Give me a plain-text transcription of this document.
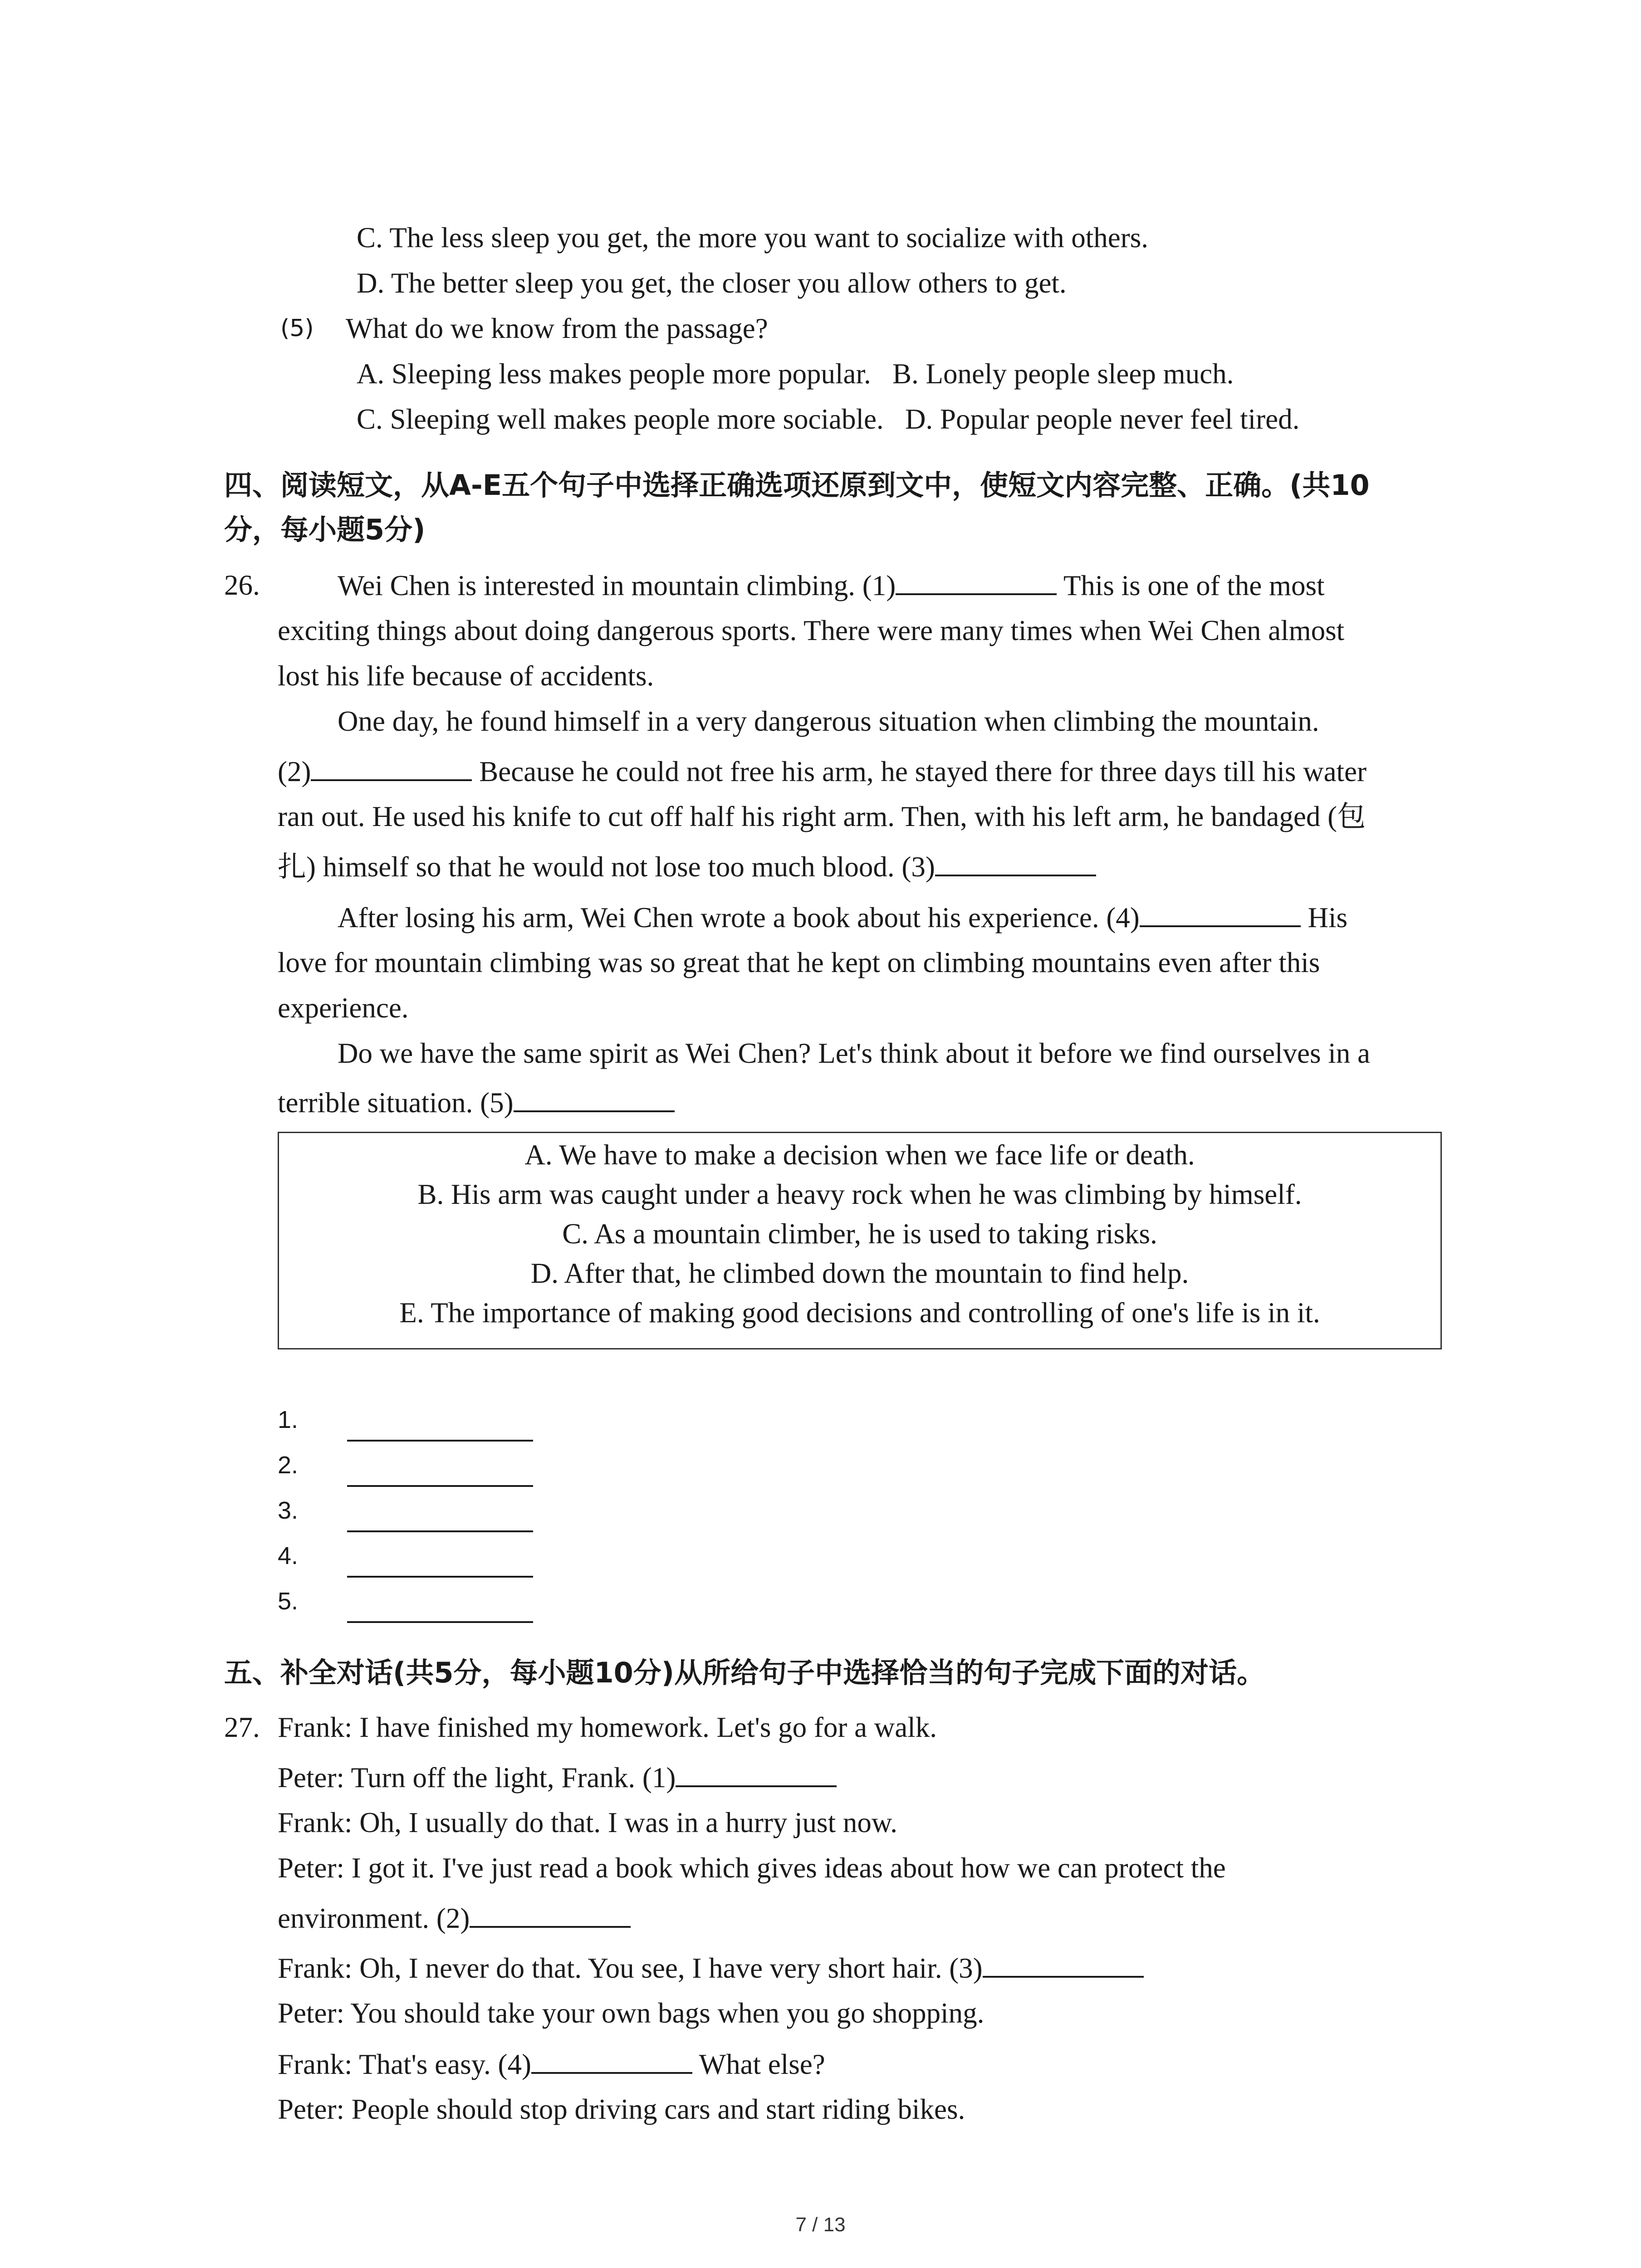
C. The less sleep you get, the more you want to socialize with others.
D. The better sleep you get, the closer you allow others to get.
(5) What do we know from the passage?
A. Sleeping less makes people more popular. B. Lonely people sleep much.
C. Sleeping well makes people more sociable. D. Popular people never feel tired.
四、阅读短文，从A-E五个句子中选择正确选项还原到文中，使短文内容完整、正确。(共10
分，每小题5分)
26.	Wei Chen is interested in mountain climbing. (1)	This is one of the most
exciting things about doing dangerous sports. There were many times when Wei Chen almost
lost his life because of accidents.
One day, he found himself in a very dangerous situation when climbing the mountain.
(2)	Because he could not free his arm, he stayed there for three days till his water
ran out. He used his knife to cut off half his right arm. Then, with his left arm, he bandaged (包
扎) himself so that he would not lose too much blood. (3)
After losing his arm, Wei Chen wrote a book about his experience. (4)	His
love for mountain climbing was so great that he kept on climbing mountains even after this
experience.
Do we have the same spirit as Wei Chen? Let's think about it before we find ourselves in a
terrible situation. (5)
A. We have to make a decision when we face life or death.
B. His arm was caught under a heavy rock when he was climbing by himself.
C. As a mountain climber, he is used to taking risks.
D. After that, he climbed down the mountain to find help.
E. The importance of making good decisions and controlling of one's life is in it.
1.
2.
3.
4.
5.
五、补全对话(共5分，每小题10分)从所给句子中选择恰当的句子完成下面的对话。
27. Frank: I have finished my homework. Let's go for a walk.
Peter: Turn off the light, Frank. (1)
Frank: Oh, I usually do that. I was in a hurry just now.
Peter: I got it. I've just read a book which gives ideas about how we can protect the
environment. (2)
Frank: Oh, I never do that. You see, I have very short hair. (3)
Peter: You should take your own bags when you go shopping.
Frank: That's easy. (4)	What else?
Peter: People should stop driving cars and start riding bikes.
7 / 13
